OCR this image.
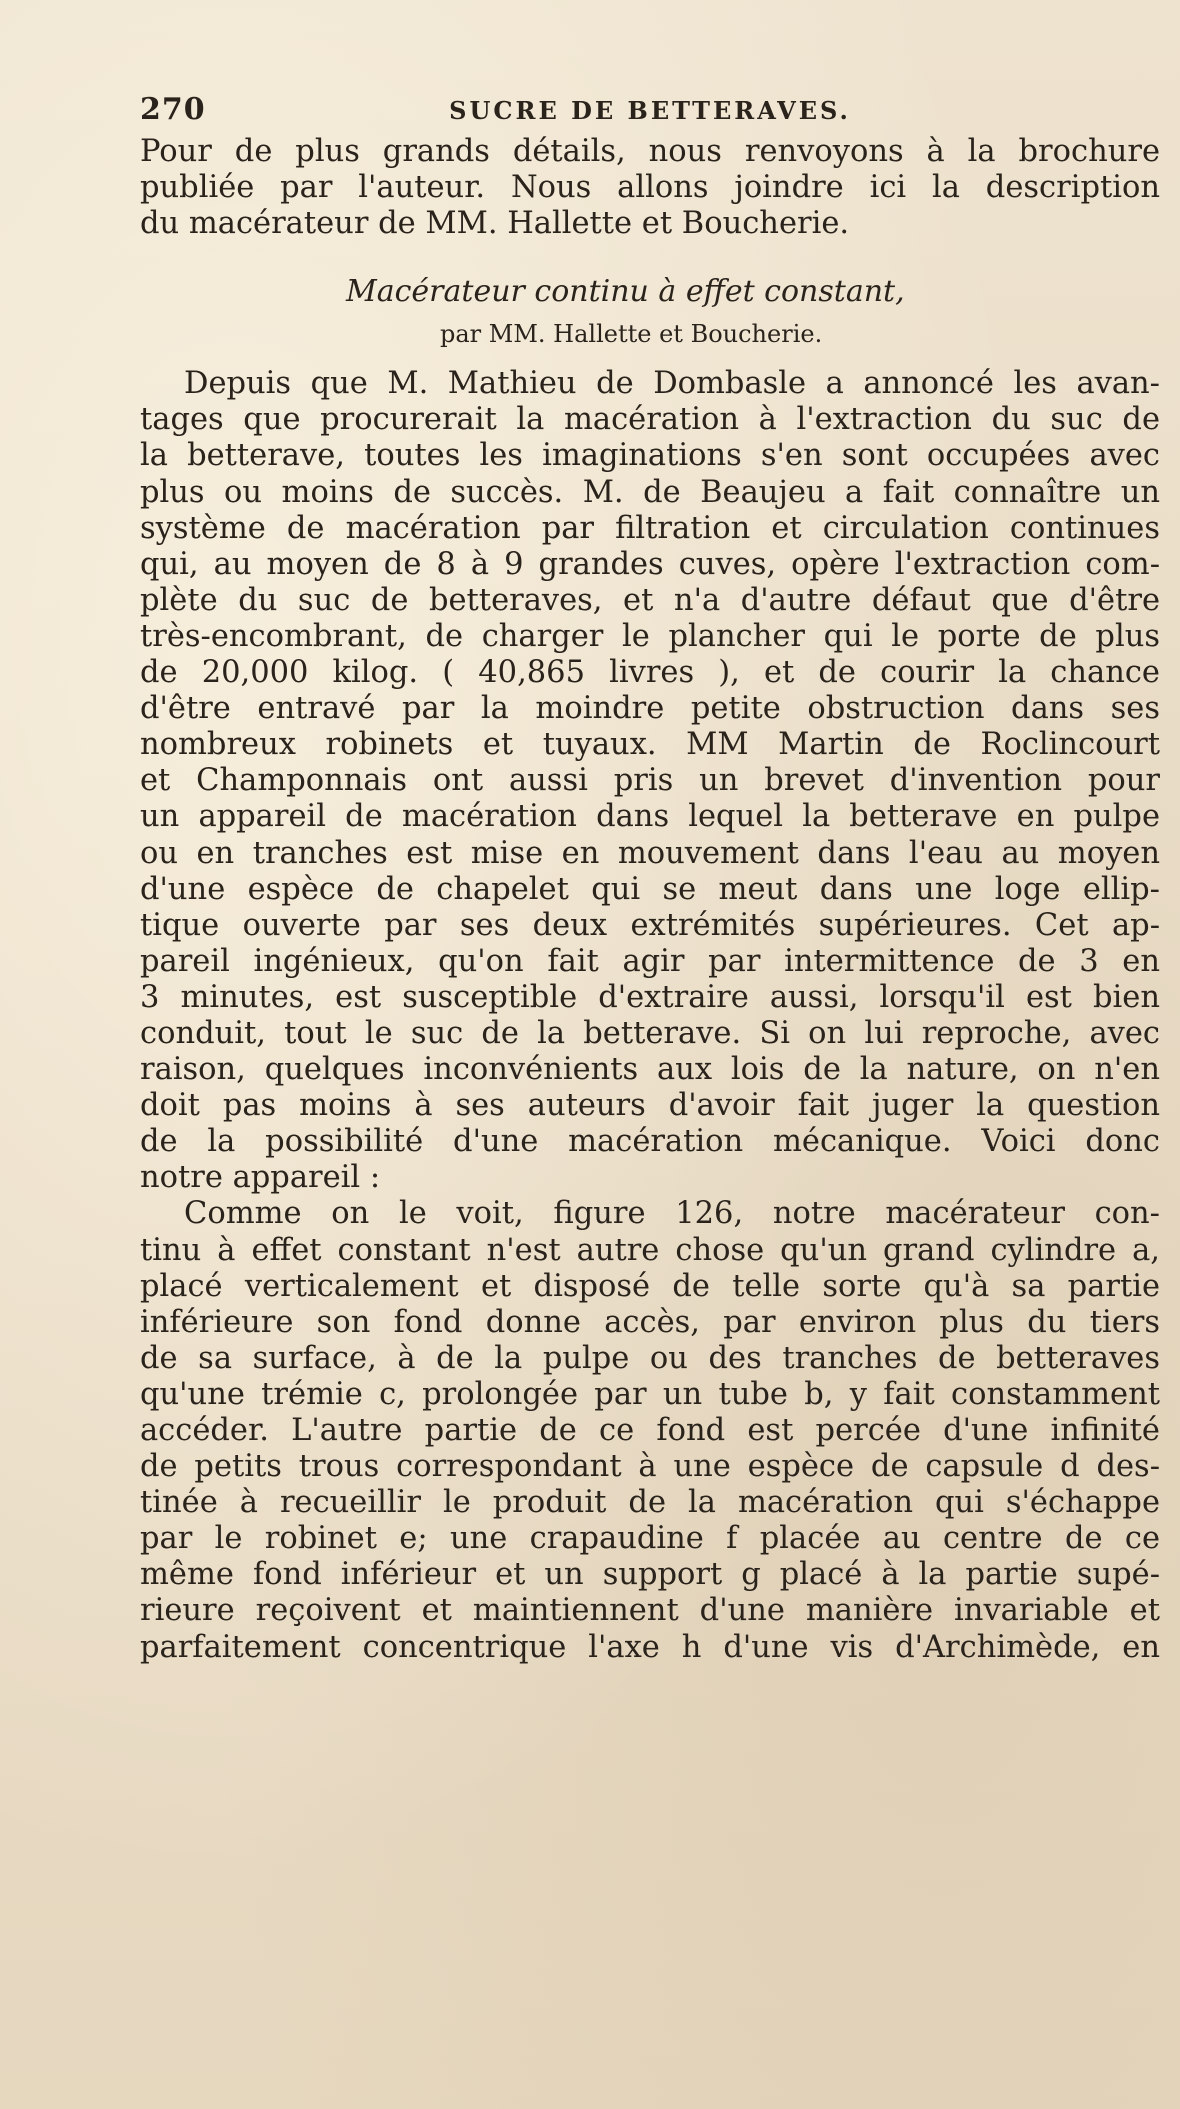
270	SUCRE DE BETTERAVES.
Pour de plus grands détails, nous renvoyons à la brochure
publiée par l'auteur. Nous allons joindre ici la description
du macérateur de MM. Hallette et Boucherie.
Macérateur continu à effet constant,
par MM. Hallette et Boucherie.
Depuis que M. Mathieu de Dombasle a annoncé les avan-
tages que procurerait la macération à l'extraction du suc de
la betterave, toutes les imaginations s'en sont occupées avec
plus ou moins de succès. M. de Beaujeu a fait connaître un
système de macération par filtration et circulation continues
qui, au moyen de 8 à 9 grandes cuves, opère l'extraction com-
plète du suc de betteraves, et n'a d'autre défaut que d'être
très-encombrant, de charger le plancher qui le porte de plus
de 20,000 kilog. ( 40,865 livres ), et de courir la chance
d'être entravé par la moindre petite obstruction dans ses
nombreux robinets et tuyaux. MM Martin de Roclincourt
et Champonnais ont aussi pris un brevet d'invention pour
un appareil de macération dans lequel la betterave en pulpe
ou en tranches est mise en mouvement dans l'eau au moyen
d'une espèce de chapelet qui se meut dans une loge ellip-
tique ouverte par ses deux extrémités supérieures. Cet ap-
pareil ingénieux, qu'on fait agir par intermittence de 3 en
3 minutes, est susceptible d'extraire aussi, lorsqu'il est bien
conduit, tout le suc de la betterave. Si on lui reproche, avec
raison, quelques inconvénients aux lois de la nature, on n'en
doit pas moins à ses auteurs d'avoir fait juger la question
de la possibilité d'une macération mécanique. Voici donc
notre appareil :
Comme on le voit, figure 126, notre macérateur con-
tinu à effet constant n'est autre chose qu'un grand cylindre a,
placé verticalement et disposé de telle sorte qu'à sa partie
inférieure son fond donne accès, par environ plus du tiers
de sa surface, à de la pulpe ou des tranches de betteraves
qu'une trémie c, prolongée par un tube b, y fait constamment
accéder. L'autre partie de ce fond est percée d'une infinité
de petits trous correspondant à une espèce de capsule d des-
tinée à recueillir le produit de la macération qui s'échappe
par le robinet e; une crapaudine f placée au centre de ce
même fond inférieur et un support g placé à la partie supé-
rieure reçoivent et maintiennent d'une manière invariable et
parfaitement concentrique l'axe h d'une vis d'Archimède, en
